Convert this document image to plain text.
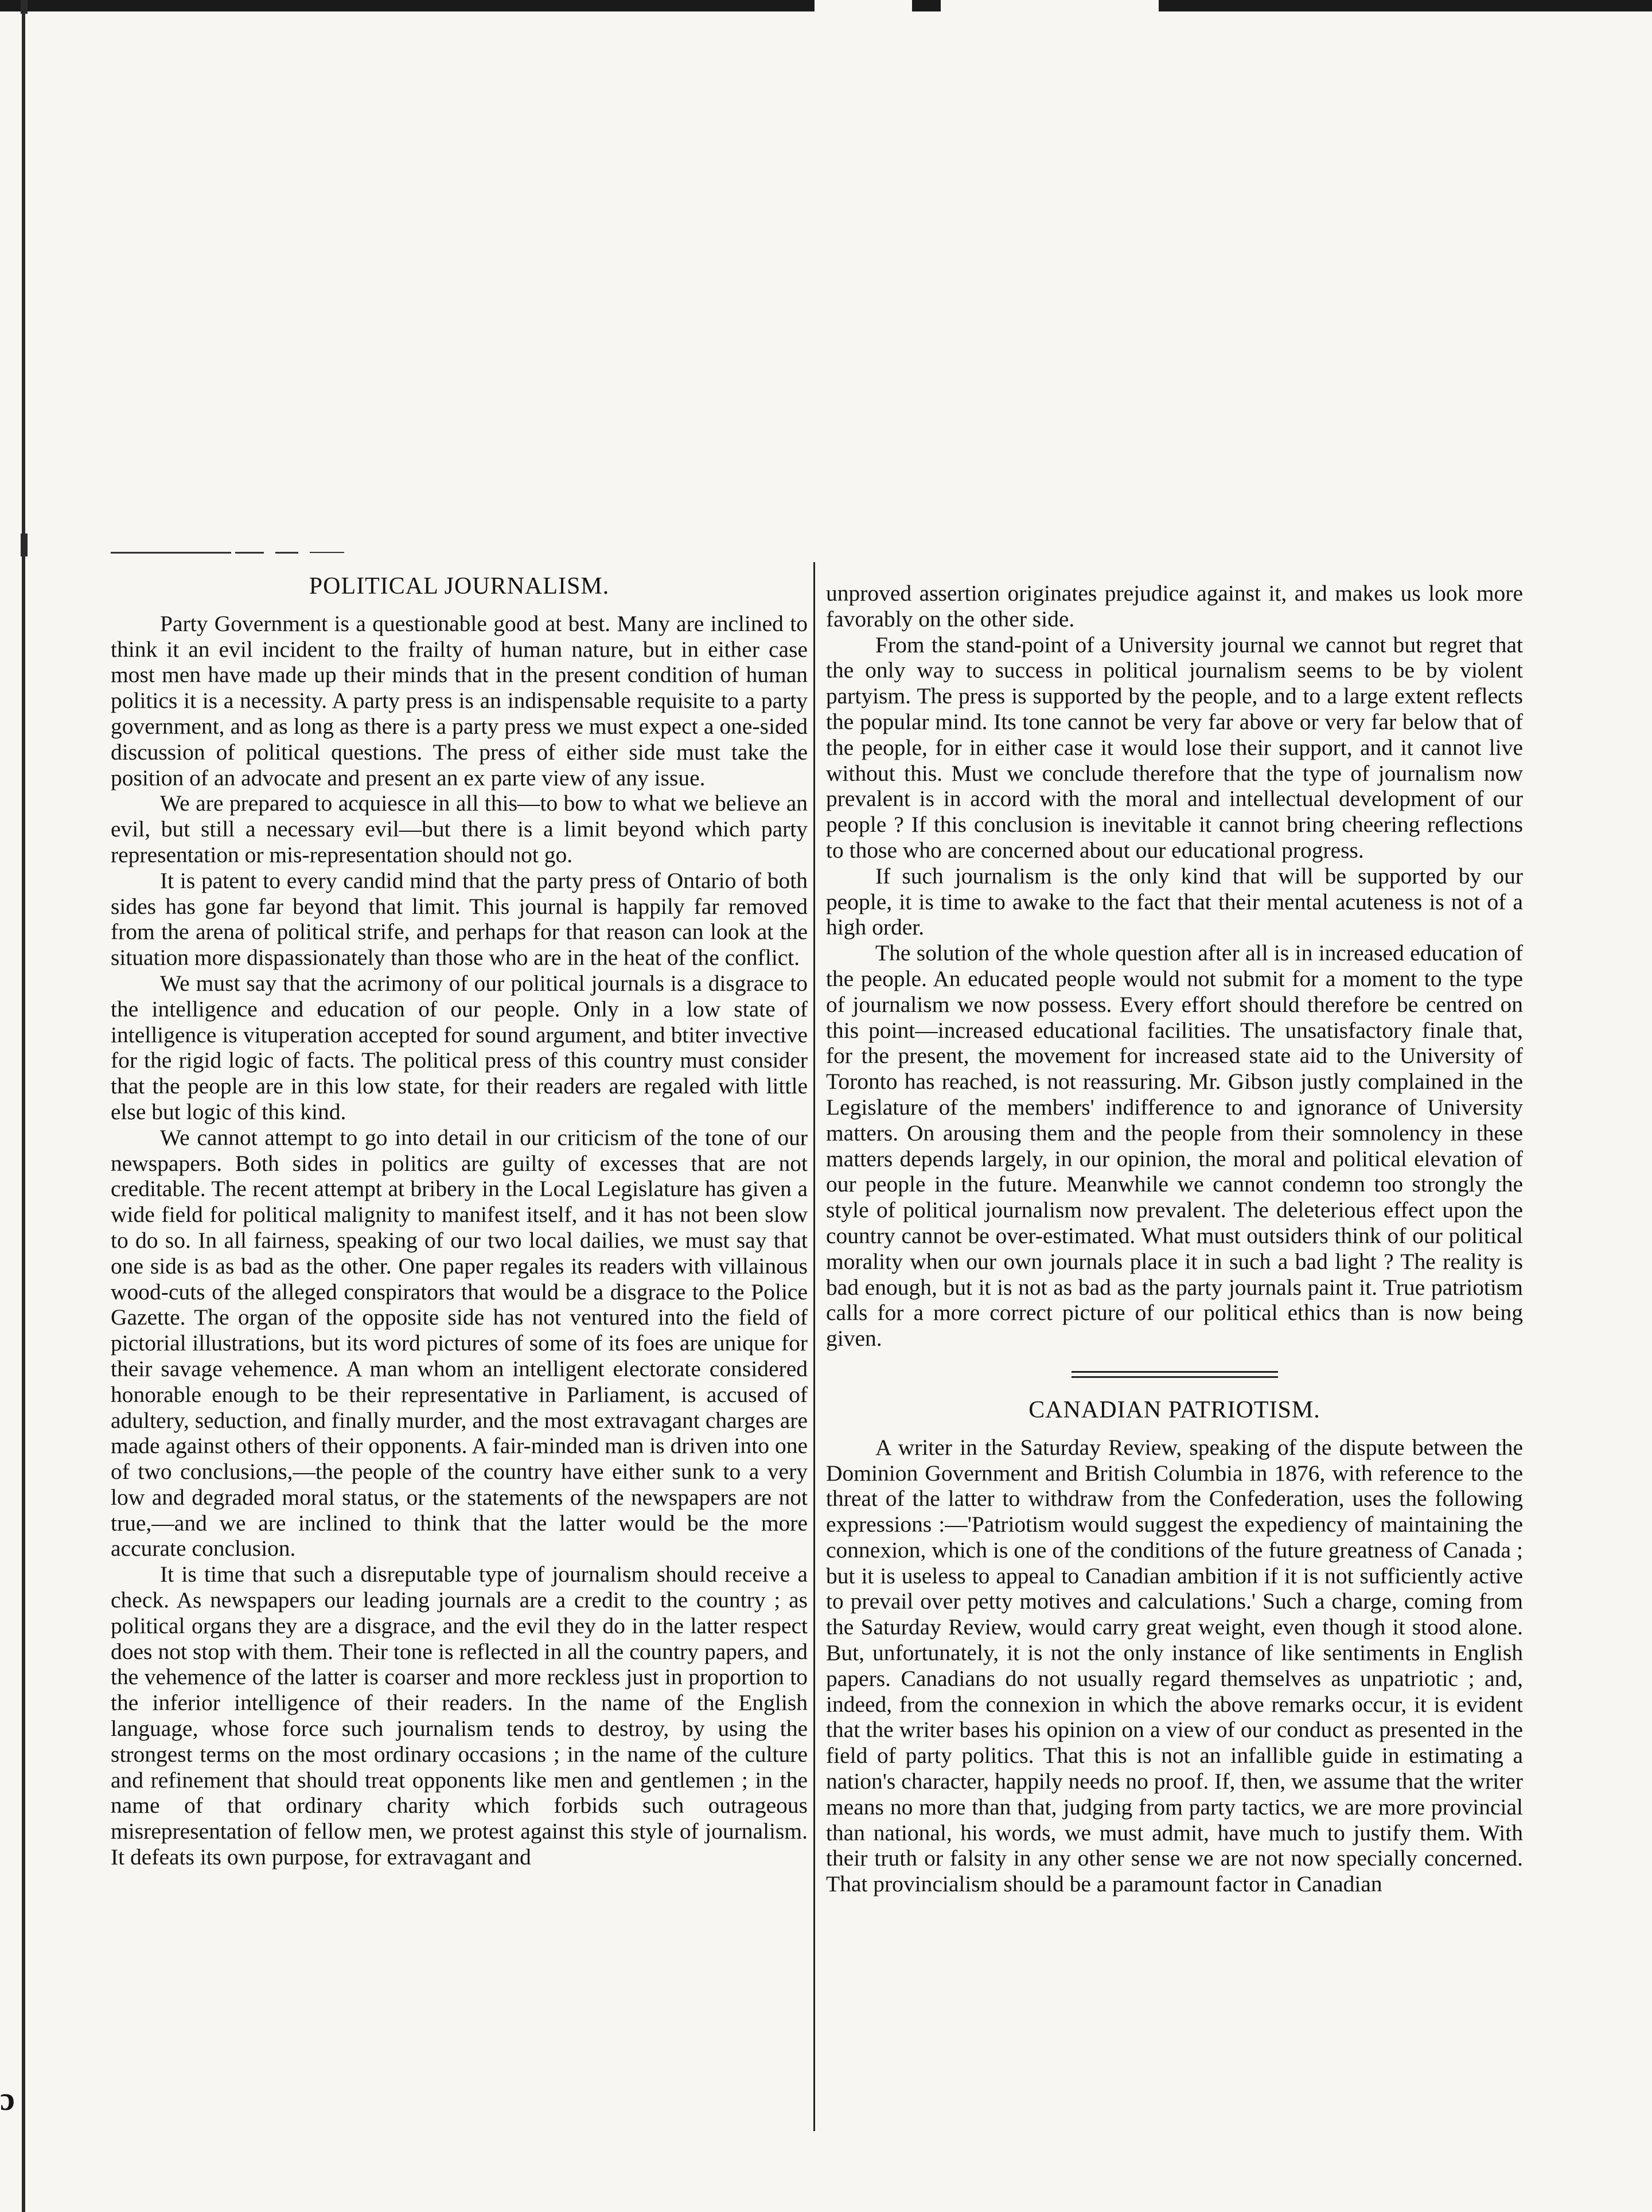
ɔ
POLITICAL JOURNALISM.

Party Government is a questionable good at best. Many are inclined to think it an evil incident to the frailty of human nature, but in either case most men have made up their minds that in the present condition of human politics it is a necessity. A party press is an indispensable requisite to a party government, and as long as there is a party press we must expect a one-sided discussion of political questions. The press of either side must take the position of an advocate and present an ex parte view of any issue.

We are prepared to acquiesce in all this—to bow to what we believe an evil, but still a necessary evil—but there is a limit beyond which party representation or mis-representation should not go.

It is patent to every candid mind that the party press of Ontario of both sides has gone far beyond that limit. This journal is happily far removed from the arena of political strife, and perhaps for that reason can look at the situation more dispassionately than those who are in the heat of the conflict.

We must say that the acrimony of our political journals is a disgrace to the intelligence and education of our people. Only in a low state of intelligence is vituperation accepted for sound argument, and btiter invective for the rigid logic of facts. The political press of this country must consider that the people are in this low state, for their readers are regaled with little else but logic of this kind.

We cannot attempt to go into detail in our criticism of the tone of our newspapers. Both sides in politics are guilty of excesses that are not creditable. The recent attempt at bribery in the Local Legislature has given a wide field for political malignity to manifest itself, and it has not been slow to do so. In all fairness, speaking of our two local dailies, we must say that one side is as bad as the other. One paper regales its readers with villainous wood-cuts of the alleged conspirators that would be a disgrace to the Police Gazette. The organ of the opposite side has not ventured into the field of pictorial illustrations, but its word pictures of some of its foes are unique for their savage vehemence. A man whom an intelligent electorate considered honorable enough to be their representative in Parliament, is accused of adultery, seduction, and finally murder, and the most extravagant charges are made against others of their opponents. A fair-minded man is driven into one of two conclusions,—the people of the country have either sunk to a very low and degraded moral status, or the statements of the newspapers are not true,—and we are inclined to think that the latter would be the more accurate conclusion.

It is time that such a disreputable type of journalism should receive a check. As newspapers our leading journals are a credit to the country ; as political organs they are a disgrace, and the evil they do in the latter respect does not stop with them. Their tone is reflected in all the country papers, and the vehemence of the latter is coarser and more reckless just in proportion to the inferior intelligence of their readers. In the name of the English language, whose force such journalism tends to destroy, by using the strongest terms on the most ordinary occasions ; in the name of the culture and refinement that should treat opponents like men and gentlemen ; in the name of that ordinary charity which forbids such outrageous misrepresentation of fellow men, we protest against this style of journalism. It defeats its own purpose, for extravagant and

unproved assertion originates prejudice against it, and makes us look more favorably on the other side.

From the stand-point of a University journal we cannot but regret that the only way to success in political journalism seems to be by violent partyism. The press is supported by the people, and to a large extent reflects the popular mind. Its tone cannot be very far above or very far below that of the people, for in either case it would lose their support, and it cannot live without this. Must we conclude therefore that the type of journalism now prevalent is in accord with the moral and intellectual development of our people ? If this conclusion is inevitable it cannot bring cheering reflections to those who are concerned about our educational progress.

If such journalism is the only kind that will be supported by our people, it is time to awake to the fact that their mental acuteness is not of a high order.

The solution of the whole question after all is in increased education of the people. An educated people would not submit for a moment to the type of journalism we now possess. Every effort should therefore be centred on this point—increased educational facilities. The unsatisfactory finale that, for the present, the movement for increased state aid to the University of Toronto has reached, is not reassuring. Mr. Gibson justly complained in the Legislature of the members' indifference to and ignorance of University matters. On arousing them and the people from their somnolency in these matters depends largely, in our opinion, the moral and political elevation of our people in the future. Meanwhile we cannot condemn too strongly the style of political journalism now prevalent. The deleterious effect upon the country cannot be over-estimated. What must outsiders think of our political morality when our own journals place it in such a bad light ? The reality is bad enough, but it is not as bad as the party journals paint it. True patriotism calls for a more correct picture of our political ethics than is now being given.

CANADIAN PATRIOTISM.

A writer in the Saturday Review, speaking of the dispute between the Dominion Government and British Columbia in 1876, with reference to the threat of the latter to withdraw from the Confederation, uses the following expressions :—'Patriotism would suggest the expediency of maintaining the connexion, which is one of the conditions of the future greatness of Canada ; but it is useless to appeal to Canadian ambition if it is not sufficiently active to prevail over petty motives and calculations.' Such a charge, coming from the Saturday Review, would carry great weight, even though it stood alone. But, unfortunately, it is not the only instance of like sentiments in English papers. Canadians do not usually regard themselves as unpatriotic ; and, indeed, from the connexion in which the above remarks occur, it is evident that the writer bases his opinion on a view of our conduct as presented in the field of party politics. That this is not an infallible guide in estimating a nation's character, happily needs no proof. If, then, we assume that the writer means no more than that, judging from party tactics, we are more provincial than national, his words, we must admit, have much to justify them. With their truth or falsity in any other sense we are not now specially concerned. That provincialism should be a paramount factor in Canadian
